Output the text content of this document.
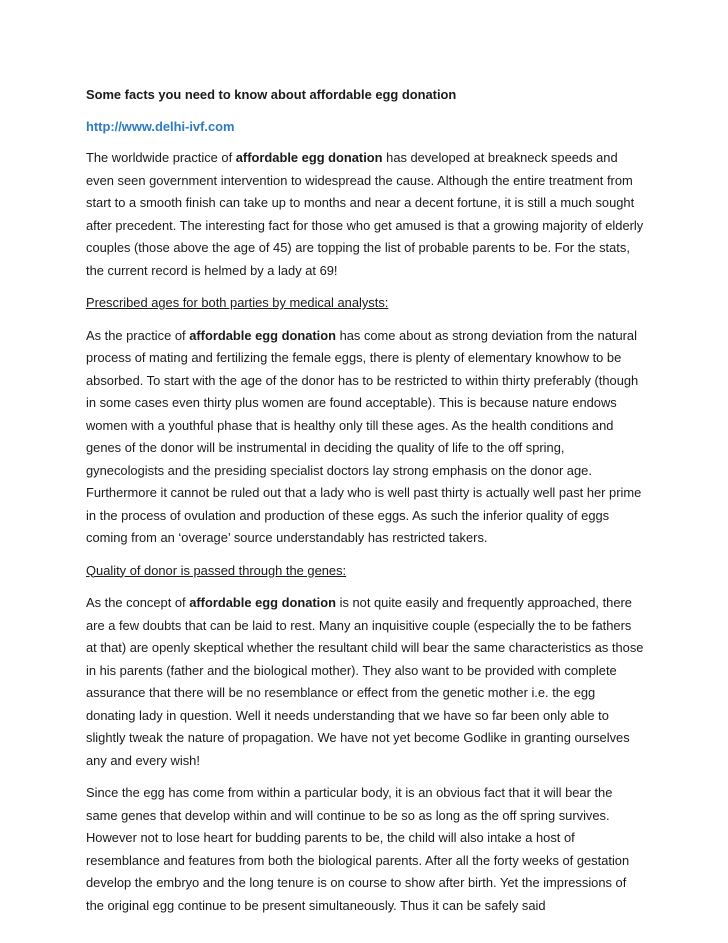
Some facts you need to know about affordable egg donation

http://www.delhi-ivf.com

The worldwide practice of affordable egg donation has developed at breakneck speeds and even seen government intervention to widespread the cause. Although the entire treatment from start to a smooth finish can take up to months and near a decent fortune, it is still a much sought after precedent. The interesting fact for those who get amused is that a growing majority of elderly couples (those above the age of 45) are topping the list of probable parents to be. For the stats, the current record is helmed by a lady at 69!

Prescribed ages for both parties by medical analysts:

As the practice of affordable egg donation has come about as strong deviation from the natural process of mating and fertilizing the female eggs, there is plenty of elementary knowhow to be absorbed. To start with the age of the donor has to be restricted to within thirty preferably (though in some cases even thirty plus women are found acceptable). This is because nature endows women with a youthful phase that is healthy only till these ages. As the health conditions and genes of the donor will be instrumental in deciding the quality of life to the off spring, gynecologists and the presiding specialist doctors lay strong emphasis on the donor age. Furthermore it cannot be ruled out that a lady who is well past thirty is actually well past her prime in the process of ovulation and production of these eggs. As such the inferior quality of eggs coming from an ‘overage’ source understandably has restricted takers.

Quality of donor is passed through the genes:

As the concept of affordable egg donation is not quite easily and frequently approached, there are a few doubts that can be laid to rest. Many an inquisitive couple (especially the to be fathers at that) are openly skeptical whether the resultant child will bear the same characteristics as those in his parents (father and the biological mother). They also want to be provided with complete assurance that there will be no resemblance or effect from the genetic mother i.e. the egg donating lady in question. Well it needs understanding that we have so far been only able to slightly tweak the nature of propagation. We have not yet become Godlike in granting ourselves any and every wish!

Since the egg has come from within a particular body, it is an obvious fact that it will bear the same genes that develop within and will continue to be so as long as the off spring survives. However not to lose heart for budding parents to be, the child will also intake a host of resemblance and features from both the biological parents. After all the forty weeks of gestation develop the embryo and the long tenure is on course to show after birth. Yet the impressions of the original egg continue to be present simultaneously. Thus it can be safely said
